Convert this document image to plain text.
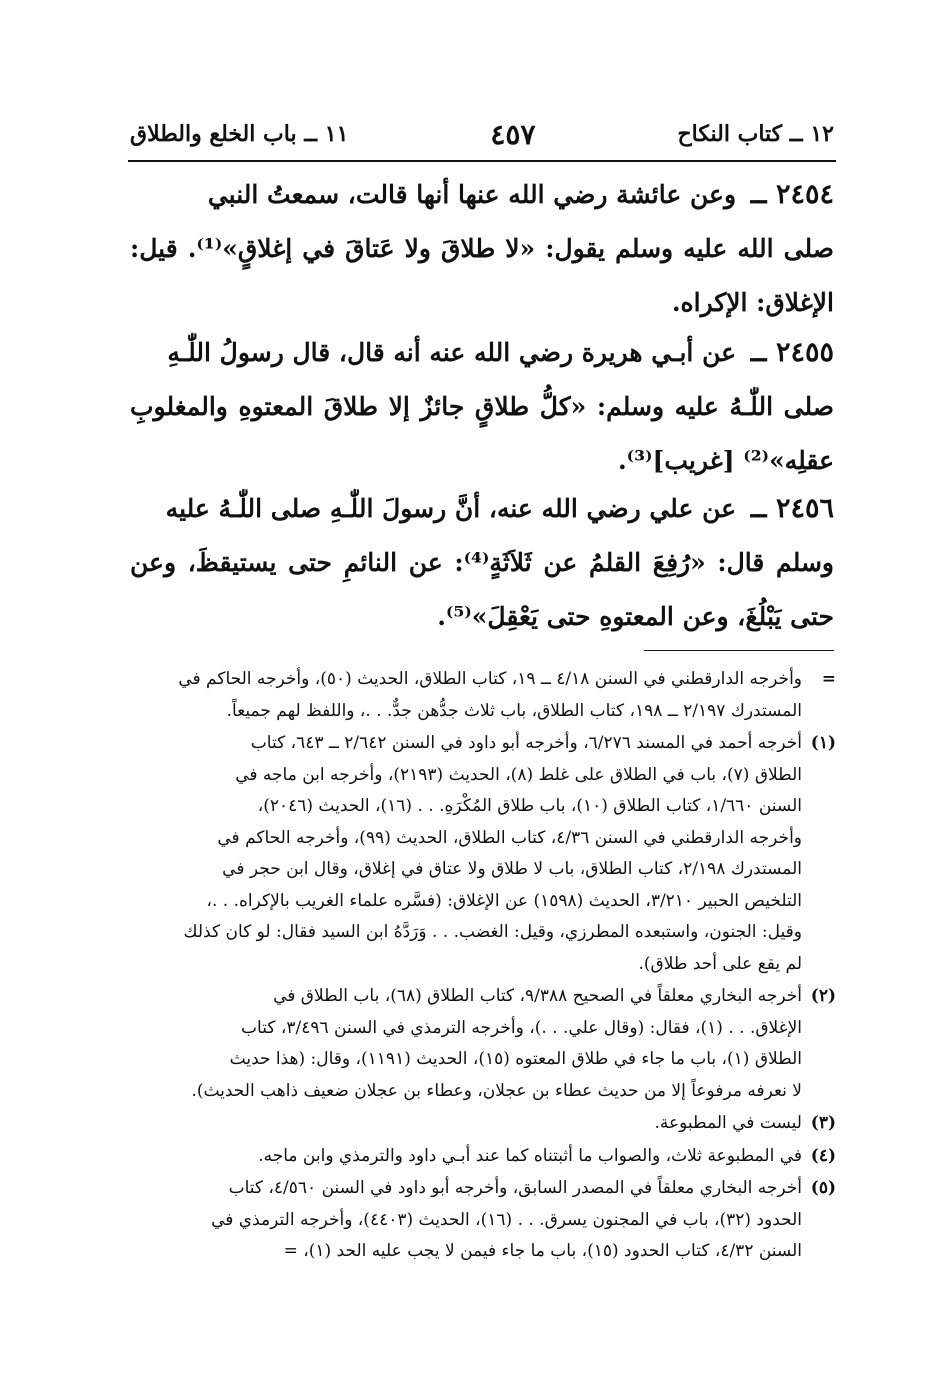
١٢ ــ كتاب النكاح
٤٥٧
١١ ــ باب الخلع والطلاق
٢٤٥٤ ــ وعن عائشة رضي الله عنها أنها قالت، سمعتُ النبي
صلى الله عليه وسلم يقول: «لا طلاقَ ولا عَتاقَ في إغلاقٍ»⁽¹⁾. قيل:
الإغلاق: الإكراه.
٢٤٥٥ ــ عن أبـي هريرة رضي الله عنه أنه قال، قال رسولُ اللّٰـهِ
صلى اللّٰـهُ عليه وسلم: «كلُّ طلاقٍ جائزٌ إلا طلاقَ المعتوهِ والمغلوبِ
عقلِه»⁽²⁾ [غريب]⁽³⁾.
٢٤٥٦ ــ عن علي رضي الله عنه، أنَّ رسولَ اللّٰـهِ صلى اللّٰـهُ عليه
وسلم قال: «رُفِعَ القلمُ عن ثَلاَثَةٍ⁽⁴⁾: عن النائمِ حتى يستيقظَ، وعن
حتى يَبْلُغَ، وعن المعتوهِ حتى يَعْقِلَ»⁽⁵⁾.
=
وأخرجه الدارقطني في السنن ٤/١٨ ــ ١٩، كتاب الطلاق، الحديث (٥٠)، وأخرجه الحاكم في
المستدرك ٢/١٩٧ ــ ١٩٨، كتاب الطلاق، باب ثلاث جدُّهن جدٌّ. . .، واللفظ لهم جميعاً.
(١)
أخرجه أحمد في المسند ٦/٢٧٦، وأخرجه أبو داود في السنن ٢/٦٤٢ ــ ٦٤٣، كتاب
الطلاق (٧)، باب في الطلاق على غلط (٨)، الحديث (٢١٩٣)، وأخرجه ابن ماجه في
السنن ١/٦٦٠، كتاب الطلاق (١٠)، باب طلاق المُكْرَهِ. . . (١٦)، الحديث (٢٠٤٦)،
وأخرجه الدارقطني في السنن ٤/٣٦، كتاب الطلاق، الحديث (٩٩)، وأخرجه الحاكم في
المستدرك ٢/١٩٨، كتاب الطلاق، باب لا طلاق ولا عتاق في إغلاق، وقال ابن حجر في
التلخيص الحبير ٣/٢١٠، الحديث (١٥٩٨) عن الإغلاق: (فسَّره علماء الغريب بالإكراه. . .،
وقيل: الجنون، واستبعده المطرزي، وقيل: الغضب. . . وَرَدَّهُ ابن السيد فقال: لو كان كذلك
لم يقع على أحد طلاق).
(٢)
أخرجه البخاري معلقاً في الصحيح ٩/٣٨٨، كتاب الطلاق (٦٨)، باب الطلاق في
الإغلاق. . . (١)، فقال: (وقال علي. . .)، وأخرجه الترمذي في السنن ٣/٤٩٦، كتاب
الطلاق (١)، باب ما جاء في طلاق المعتوه (١٥)، الحديث (١١٩١)، وقال: (هذا حديث
لا نعرفه مرفوعاً إلا من حديث عطاء بن عجلان، وعطاء بن عجلان ضعيف ذاهب الحديث).
(٣)
ليست في المطبوعة.
(٤)
في المطبوعة ثلاث، والصواب ما أثبتناه كما عند أبـي داود والترمذي وابن ماجه.
(٥)
أخرجه البخاري معلقاً في المصدر السابق، وأخرجه أبو داود في السنن ٤/٥٦٠، كتاب
الحدود (٣٢)، باب في المجنون يسرق. . . (١٦)، الحديث (٤٤٠٣)، وأخرجه الترمذي في
السنن ٤/٣٢، كتاب الحدود (١٥)، باب ما جاء فيمن لا يجب عليه الحد (١)، =
